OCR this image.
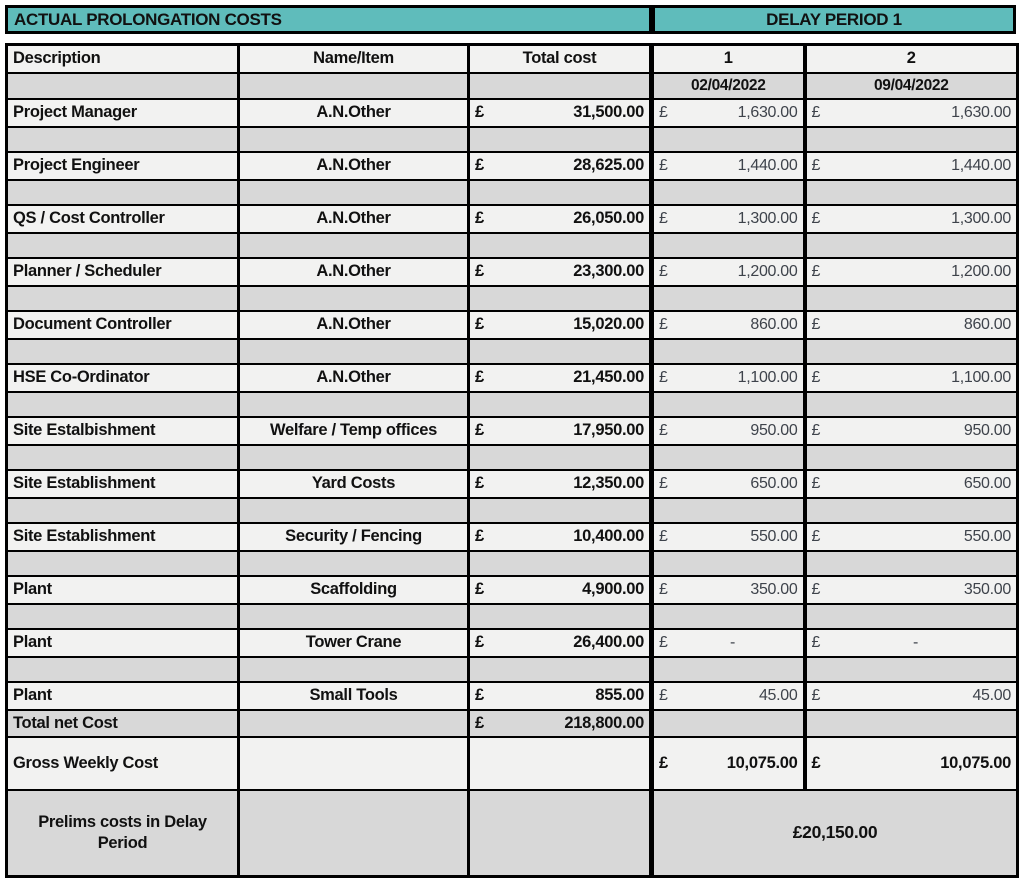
ACTUAL PROLONGATION COSTS	DELAY PERIOD 1
Description	Name/Item	Total cost	1	2
			02/04/2022	09/04/2022
Project Manager	A.N.Other	£ 31,500.00	£ 1,630.00	£ 1,630.00

Project Engineer	A.N.Other	£ 28,625.00	£ 1,440.00	£ 1,440.00

QS / Cost Controller	A.N.Other	£ 26,050.00	£ 1,300.00	£ 1,300.00

Planner / Scheduler	A.N.Other	£ 23,300.00	£ 1,200.00	£ 1,200.00

Document Controller	A.N.Other	£ 15,020.00	£ 860.00	£ 860.00

HSE Co-Ordinator	A.N.Other	£ 21,450.00	£ 1,100.00	£ 1,100.00

Site Estalbishment	Welfare / Temp offices	£ 17,950.00	£ 950.00	£ 950.00

Site Establishment	Yard Costs	£ 12,350.00	£ 650.00	£ 650.00

Site Establishment	Security / Fencing	£ 10,400.00	£ 550.00	£ 550.00

Plant	Scaffolding	£ 4,900.00	£ 350.00	£ 350.00

Plant	Tower Crane	£ 26,400.00	£ -	£ -

Plant	Small Tools	£ 855.00	£ 45.00	£ 45.00

Total net Cost		£ 218,800.00		

Gross Weekly Cost			£ 10,075.00	£ 10,075.00

Prelims costs in Delay Period			£20,150.00	
